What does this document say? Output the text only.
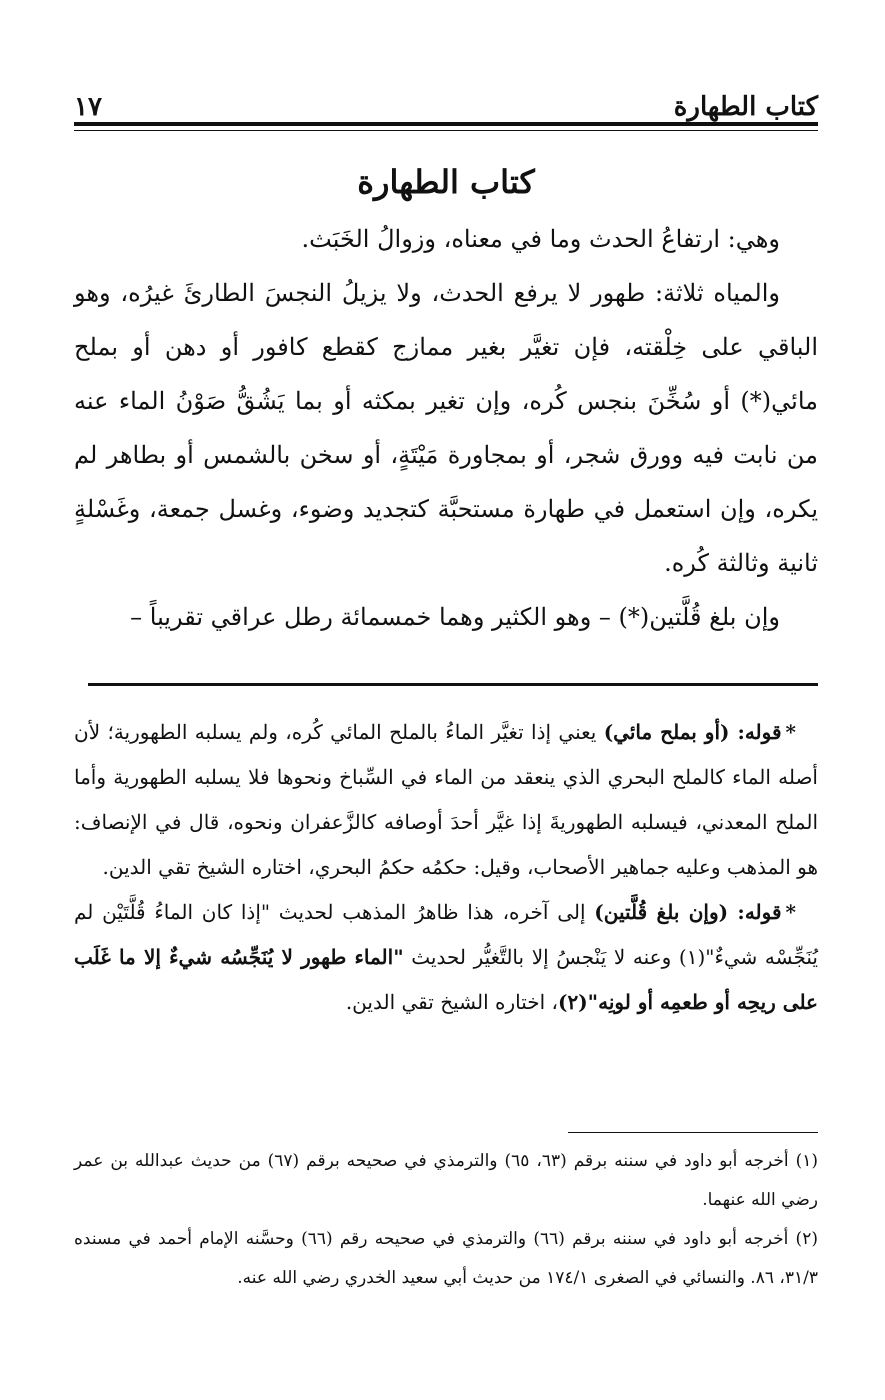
كتاب الطهارة
١٧
كتاب الطهارة

وهي: ارتفاعُ الحدث وما في معناه، وزوالُ الخَبَث.

والمياه ثلاثة: طهور لا يرفع الحدث، ولا يزيلُ النجسَ الطارئَ غيرُه، وهو الباقي على خِلْقته، فإن تغيَّر بغير ممازج كقطع كافور أو دهن أو بملح مائي(*) أو سُخِّنَ بنجس كُره، وإن تغير بمكثه أو بما يَشُقُّ صَوْنُ الماء عنه من نابت فيه وورق شجر، أو بمجاورة مَيْتَةٍ، أو سخن بالشمس أو بطاهر لم يكره، وإن استعمل في طهارة مستحبَّة كتجديد وضوء، وغسل جمعة، وغَسْلةٍ ثانية وثالثة كُره.

وإن بلغ قُلَّتين(*) – وهو الكثير وهما خمسمائة رطل عراقي تقريباً –

*قوله: (أو بملح مائي) يعني إذا تغيَّر الماءُ بالملح المائي كُره، ولم يسلبه الطهورية؛ لأن أصله الماء كالملح البحري الذي ينعقد من الماء في السِّباخ ونحوها فلا يسلبه الطهورية وأما الملح المعدني، فيسلبه الطهوريةَ إذا غيَّر أحدَ أوصافه كالزَّعفران ونحوه، قال في الإنصاف: هو المذهب وعليه جماهير الأصحاب، وقيل: حكمُه حكمُ البحري، اختاره الشيخ تقي الدين.

*قوله: (وإن بلغ قُلَّتين) إلى آخره، هذا ظاهرُ المذهب لحديث "إذا كان الماءُ قُلَّتَيْن لم يُنَجِّسْه شيءٌ"(١) وعنه لا يَنْجسُ إلا بالتَّغيُّر لحديث "الماء طهور لا يُنَجِّسُه شيءٌ إلا ما غَلَب على ريحِه أو طعمِه أو لونِه"(٢)، اختاره الشيخ تقي الدين.

(١) أخرجه أبو داود في سننه برقم (٦٣، ٦٥) والترمذي في صحيحه برقم (٦٧) من حديث عبدالله بن عمر رضي الله عنهما.

(٢) أخرجه أبو داود في سننه برقم (٦٦) والترمذي في صحيحه رقم (٦٦) وحسَّنه الإمام أحمد في مسنده ٣١/٣، ٨٦. والنسائي في الصغرى ١٧٤/١ من حديث أبي سعيد الخدري رضي الله عنه.
